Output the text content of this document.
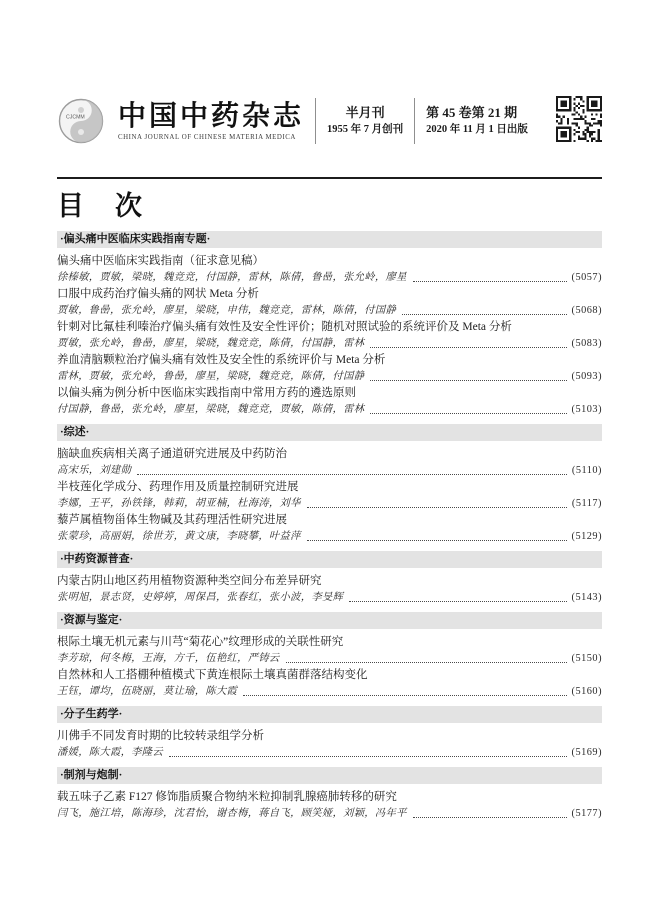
CJCMM 中国中药杂志
CHINA JOURNAL OF CHINESE MATERIA MEDICA
半月刊
1955 年 7 月创刊
第 45 卷第 21 期
2020 年 11 月 1 日出版
目　次
·偏头痛中医临床实践指南专题·
偏头痛中医临床实践指南（征求意见稿）
徐榛敏，贾敏，梁晓，魏竞竞，付国静，雷林，陈倩，鲁喦，张允岭，廖星	(5057)
口服中成药治疗偏头痛的网状 Meta 分析
贾敏，鲁喦，张允岭，廖星，梁晓，申伟，魏竞竞，雷林，陈倩，付国静	(5068)
针刺对比氟桂利嗪治疗偏头痛有效性及安全性评价；随机对照试验的系统评价及 Meta 分析
贾敏，张允岭，鲁喦，廖星，梁晓，魏竞竞，陈倩，付国静，雷林	(5083)
养血清脑颗粒治疗偏头痛有效性及安全性的系统评价与 Meta 分析
雷林，贾敏，张允岭，鲁喦，廖星，梁晓，魏竞竞，陈倩，付国静	(5093)
以偏头痛为例分析中医临床实践指南中常用方药的遴选原则
付国静，鲁喦，张允岭，廖星，梁晓，魏竞竞，贾敏，陈倩，雷林	(5103)
·综述·
脑缺血疾病相关离子通道研究进展及中药防治
高宋乐，刘建勋	(5110)
半枝莲化学成分、药理作用及质量控制研究进展
李娜，王平，孙铁锋，韩莉，胡亚楠，杜海涛，刘华	(5117)
藜芦属植物甾体生物碱及其药理活性研究进展
张蒙珍，高丽娟，徐世芳，黄文康，李晓攀，叶益萍	(5129)
·中药资源普查·
内蒙古阴山地区药用植物资源种类空间分布差异研究
张明旭，景志贤，史婷婷，周保昌，张春红，张小波，李旻辉	(5143)
·资源与鉴定·
根际土壤无机元素与川芎“菊花心”纹理形成的关联性研究
李芳琼，何冬梅，王海，方千，伍艳红，严铸云	(5150)
自然林和人工搭棚种植模式下黄连根际土壤真菌群落结构变化
王钰，谭均，伍晓丽，莫让瑜，陈大霞	(5160)
·分子生药学·
川佛手不同发育时期的比较转录组学分析
潘媛，陈大霞，李隆云	(5169)
·制剂与炮制·
载五味子乙素 F127 修饰脂质聚合物纳米粒抑制乳腺癌肺转移的研究
闫飞，施江培，陈海珍，沈君怡，谢杏梅，蒋自飞，顾笑娅，刘颖，冯年平	(5177)
